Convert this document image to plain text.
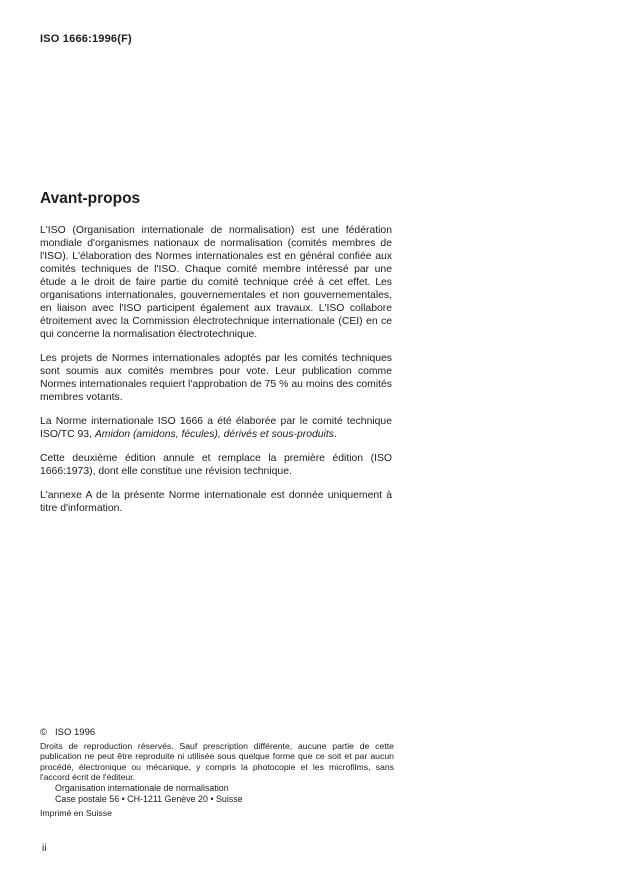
ISO 1666:1996(F)
Avant-propos

L'ISO (Organisation internationale de normalisation) est une fédération mondiale d'organismes nationaux de normalisation (comités membres de l'ISO). L'élaboration des Normes internationales est en général confiée aux comités techniques de l'ISO. Chaque comité membre intéressé par une étude a le droit de faire partie du comité technique créé à cet effet. Les organisations internationales, gouvernementales et non gouvernementales, en liaison avec l'ISO participent également aux travaux. L'ISO collabore étroitement avec la Commission électrotechnique internationale (CEI) en ce qui concerne la normalisation électrotechnique.

Les projets de Normes internationales adoptés par les comités techniques sont soumis aux comités membres pour vote. Leur publication comme Normes internationales requiert l'approbation de 75 % au moins des comités membres votants.

La Norme internationale ISO 1666 a été élaborée par le comité technique ISO/TC 93, Amidon (amidons, fécules), dérivés et sous-produits.

Cette deuxième édition annule et remplace la première édition (ISO 1666:1973), dont elle constitue une révision technique.

L'annexe A de la présente Norme internationale est donnée uniquement à titre d'information.

© ISO 1996
Droits de reproduction réservés. Sauf prescription différente, aucune partie de cette publication ne peut être reproduite ni utilisée sous quelque forme que ce soit et par aucun procédé, électronique ou mécanique, y compris la photocopie et les microfilms, sans l'accord écrit de l'éditeur.
Organisation internationale de normalisation
Case postale 56 • CH-1211 Genève 20 • Suisse
Imprimé en Suisse
ii
